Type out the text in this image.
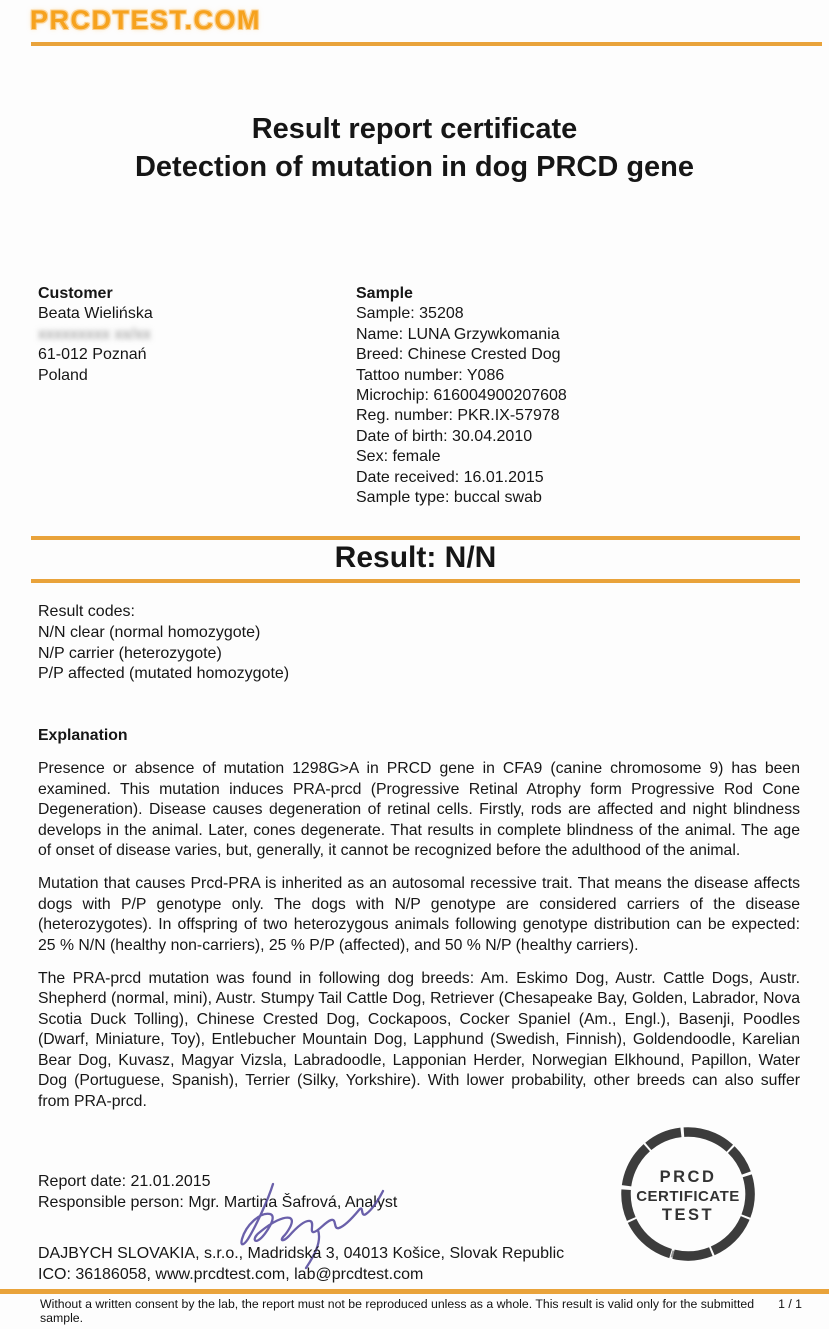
PRCDTEST.COM
Result report certificate
Detection of mutation in dog PRCD gene
Customer
Beata Wielińska
xxxxxxxxx xx/xx
61-012 Poznań
Poland
Sample
Sample: 35208
Name: LUNA Grzywkomania
Breed: Chinese Crested Dog
Tattoo number: Y086
Microchip: 616004900207608
Reg. number: PKR.IX-57978
Date of birth: 30.04.2010
Sex: female
Date received: 16.01.2015
Sample type: buccal swab
Result: N/N
Result codes:
N/N clear (normal homozygote)
N/P carrier (heterozygote)
P/P affected (mutated homozygote)
Explanation

Presence or absence of mutation 1298G>A in PRCD gene in CFA9 (canine chromosome 9) has been examined. This mutation induces PRA-prcd (Progressive Retinal Atrophy form Progressive Rod Cone Degeneration). Disease causes degeneration of retinal cells. Firstly, rods are affected and night blindness develops in the animal. Later, cones degenerate. That results in complete blindness of the animal. The age of onset of disease varies, but, generally, it cannot be recognized before the adulthood of the animal.

Mutation that causes Prcd-PRA is inherited as an autosomal recessive trait. That means the disease affects dogs with P/P genotype only. The dogs with N/P genotype are considered carriers of the disease (heterozygotes). In offspring of two heterozygous animals following genotype distribution can be expected: 25 % N/N (healthy non-carriers), 25 % P/P (affected), and 50 % N/P (healthy carriers).

The PRA-prcd mutation was found in following dog breeds: Am. Eskimo Dog, Austr. Cattle Dogs, Austr. Shepherd (normal, mini), Austr. Stumpy Tail Cattle Dog, Retriever (Chesapeake Bay, Golden, Labrador, Nova Scotia Duck Tolling), Chinese Crested Dog, Cockapoos, Cocker Spaniel (Am., Engl.), Basenji, Poodles (Dwarf, Miniature, Toy), Entlebucher Mountain Dog, Lapphund (Swedish, Finnish), Goldendoodle, Karelian Bear Dog, Kuvasz, Magyar Vizsla, Labradoodle, Lapponian Herder, Norwegian Elkhound, Papillon, Water Dog (Portuguese, Spanish), Terrier (Silky, Yorkshire). With lower probability, other breeds can also suffer from PRA-prcd.

PRCD
CERTIFICATE
TEST
Report date: 21.01.2015
Responsible person: Mgr. Martina Šafrová, Analyst
DAJBYCH SLOVAKIA, s.r.o., Madridská 3, 04013 Košice, Slovak Republic
ICO: 36186058, www.prcdtest.com, lab@prcdtest.com
Without a written consent by the lab, the report must not be reproduced unless as a whole. This result is valid only for the submitted sample.
1 / 1
